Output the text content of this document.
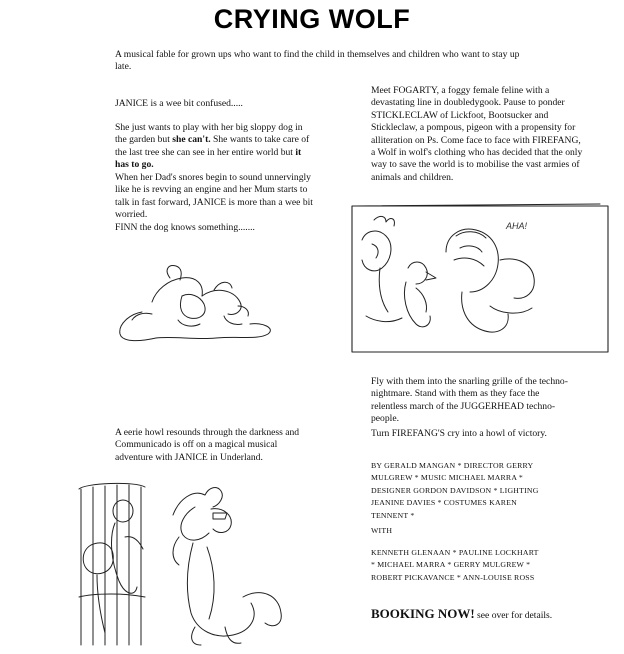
CRYING WOLF

A musical fable for grown ups who want to find the child in themselves and children who want to stay up late.

JANICE is a wee bit confused.....

She just wants to play with her big sloppy dog in the garden but she can't. She wants to take care of the last tree she can see in her entire world but it has to go.

When her Dad's snores begin to sound unnervingly like he is revving an engine and her Mum starts to talk in fast forward, JANICE is more than a wee bit worried.

FINN the dog knows something.......

A eerie howl resounds through the darkness and Communicado is off on a magical musical adventure with JANICE in Underland.

Meet FOGARTY, a foggy female feline with a devastating line in doubledygook. Pause to ponder STICKLECLAW of Lickfoot, Bootsucker and Stickleclaw, a pompous, pigeon with a propensity for alliteration on Ps. Come face to face with FIREFANG, a Wolf in wolf's clothing who has decided that the only way to save the world is to mobilise the vast armies of animals and children.

AHA!

Fly with them into the snarling grille of the techno-nightmare. Stand with them as they face the relentless march of the JUGGERHEAD techno-people.

Turn FIREFANG'S cry into a howl of victory.

BY GERALD MANGAN * DIRECTOR GERRY MULGREW * MUSIC MICHAEL MARRA * DESIGNER GORDON DAVIDSON * LIGHTING JEANINE DAVIES * COSTUMES KAREN TENNENT *

WITH

KENNETH GLENAAN * PAULINE LOCKHART * MICHAEL MARRA * GERRY MULGREW * ROBERT PICKAVANCE * ANN-LOUISE ROSS

BOOKING NOW! see over for details.
